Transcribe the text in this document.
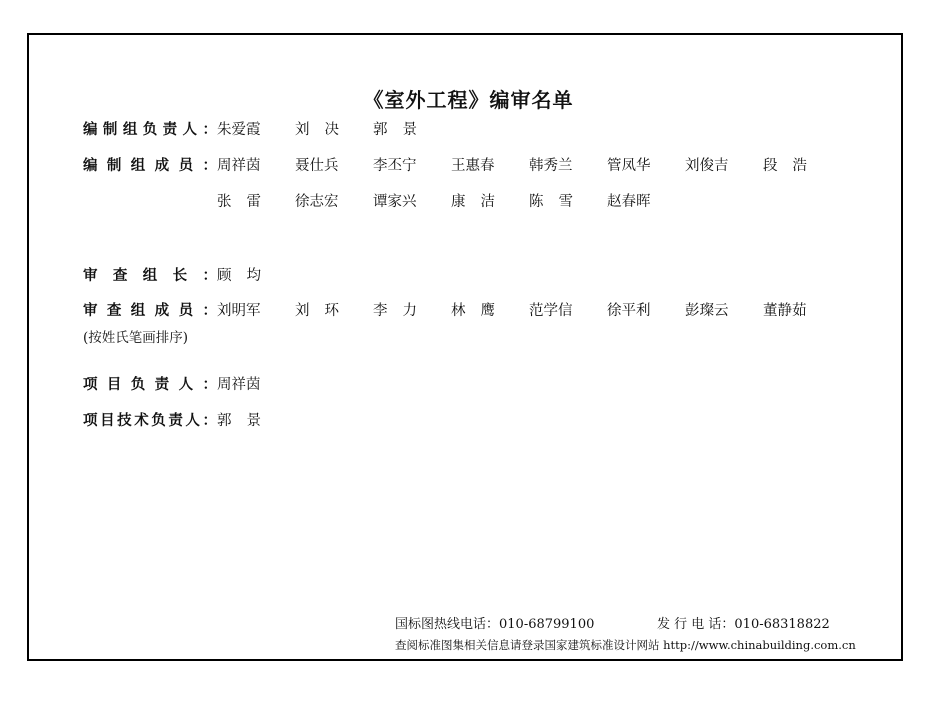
《室外工程》编审名单
编 制 组 负 责 人 ： 朱爱霞 刘 决 郭 景
编 制 组 成 员 ： 周祥茵 聂仕兵 李丕宁 王惠春 韩秀兰 管凤华 刘俊吉 段 浩
张 雷 徐志宏 谭家兴 康 洁 陈 雪 赵春晖
审 查 组 长 ： 顾 均
审 查 组 成 员 ： 刘明军 刘 环 李 力 林 鹰 范学信 徐平利 彭璨云 董静茹
项 目 负 责 人 ： 周祥茵
项 目 技 术 负 责 人 ： 郭 景
(按姓氏笔画排序)
国标图热线电话：010-68799100	发 行 电 话：010-68318822
查阅标准图集相关信息请登录国家建筑标准设计网站 http://www.chinabuilding.com.cn
